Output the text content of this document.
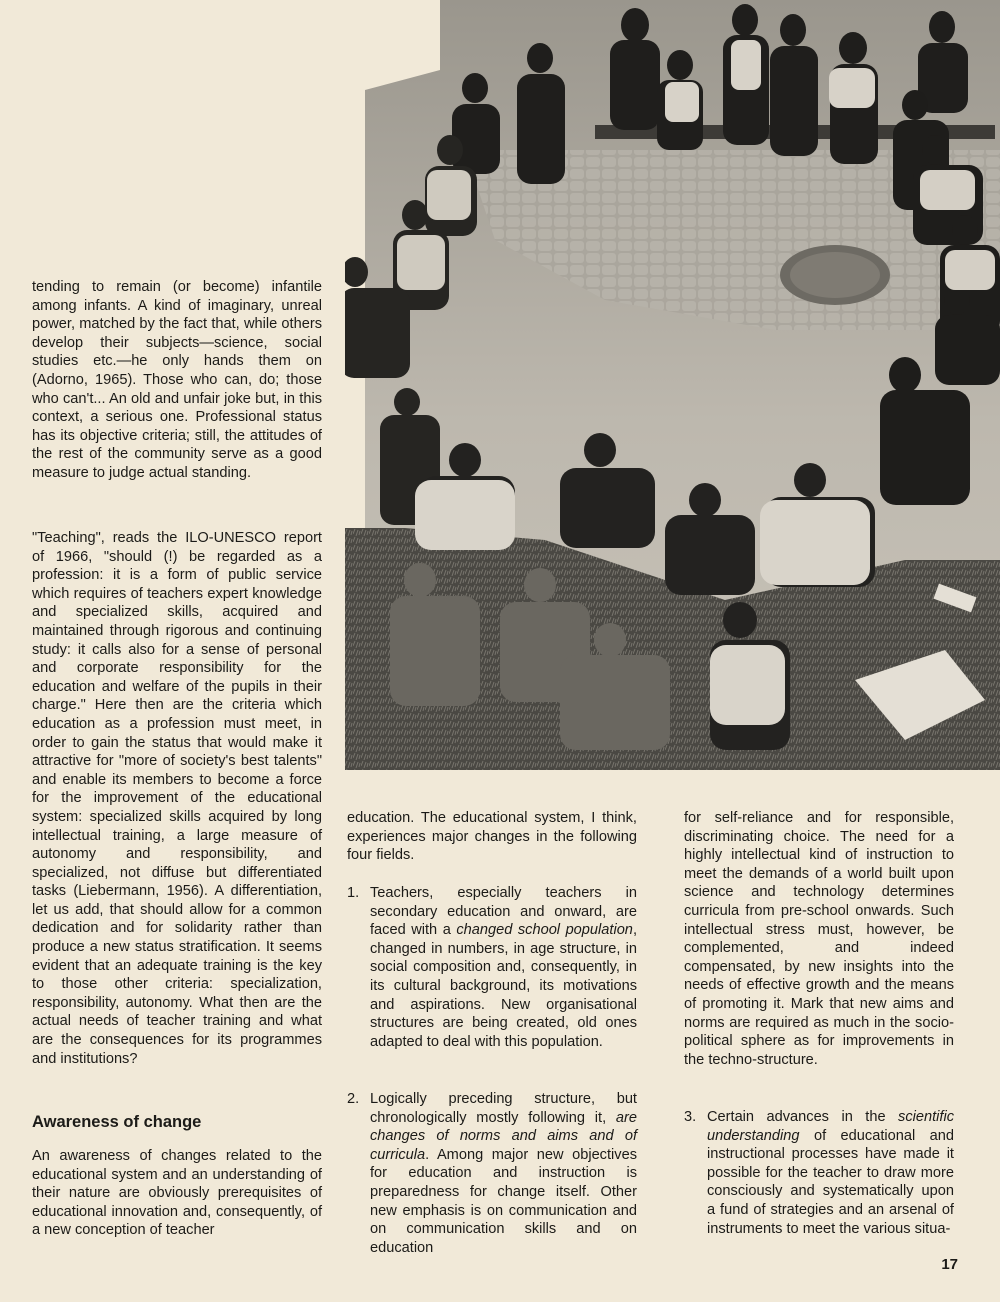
tending to remain (or become) infantile among infants. A kind of imaginary, unreal power, matched by the fact that, while others develop their subjects—science, social studies etc.—he only hands them on (Adorno, 1965). Those who can, do; those who can't... An old and unfair joke but, in this context, a serious one. Professional status has its objective criteria; still, the attitudes of the rest of the community serve as a good measure to judge actual standing.

"Teaching", reads the ILO-UNESCO report of 1966, "should (!) be regarded as a profession: it is a form of public service which requires of teachers expert knowledge and specialized skills, acquired and maintained through rigorous and continuing study: it calls also for a sense of personal and corporate responsibility for the education and welfare of the pupils in their charge." Here then are the criteria which education as a profession must meet, in order to gain the status that would make it attractive for "more of society's best talents" and enable its members to become a force for the improvement of the educational system: specialized skills acquired by long intellectual training, a large measure of autonomy and responsibility, and specialized, not diffuse but differentiated tasks (Liebermann, 1956). A differentiation, let us add, that should allow for a common dedication and for solidarity rather than produce a new status stratification. It seems evident that an adequate training is the key to those other criteria: specialization, responsibility, autonomy. What then are the actual needs of teacher training and what are the consequences for its programmes and institutions?

Awareness of change

An awareness of changes related to the educational system and an understanding of their nature are obviously prerequisites of educational innovation and, consequently, of a new conception of teacher

education. The educational system, I think, experiences major changes in the following four fields.

1. Teachers, especially teachers in secondary education and onward, are faced with a changed school population, changed in numbers, in age structure, in social composition and, consequently, in its cultural background, its motivations and aspirations. New organisational structures are being created, old ones adapted to deal with this population.

2. Logically preceding structure, but chronologically mostly following it, are changes of norms and aims and of curricula. Among major new objectives for education and instruction is preparedness for change itself. Other new emphasis is on communication and on communication skills and on education

for self-reliance and for responsible, discriminating choice. The need for a highly intellectual kind of instruction to meet the demands of a world built upon science and technology determines curricula from pre-school onwards. Such intellectual stress must, however, be complemented, and indeed compensated, by new insights into the needs of effective growth and the means of promoting it. Mark that new aims and norms are required as much in the socio-political sphere as for improvements in the techno-structure.

3. Certain advances in the scientific understanding of educational and instructional processes have made it possible for the teacher to draw more consciously and systematically upon a fund of strategies and an arsenal of instruments to meet the various situa-

17
